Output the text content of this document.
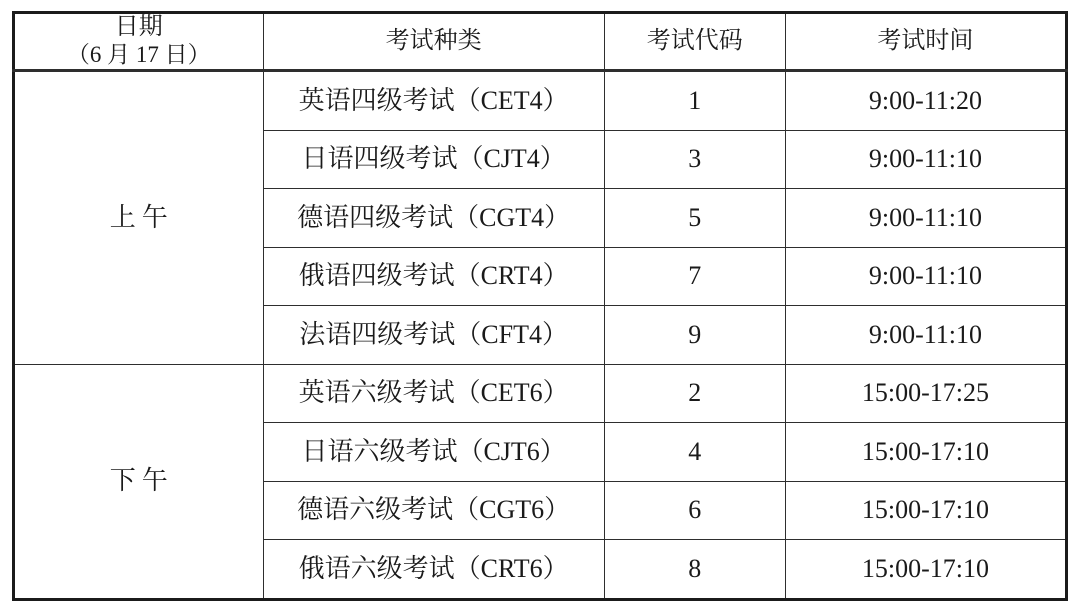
日期
（6 月 17 日）	考试种类	考试代码	考试时间
上午	英语四级考试（CET4）	1	9:00-11:20
	日语四级考试（CJT4）	3	9:00-11:10
	德语四级考试（CGT4）	5	9:00-11:10
	俄语四级考试（CRT4）	7	9:00-11:10
	法语四级考试（CFT4）	9	9:00-11:10
下午	英语六级考试（CET6）	2	15:00-17:25
	日语六级考试（CJT6）	4	15:00-17:10
	德语六级考试（CGT6）	6	15:00-17:10
	俄语六级考试（CRT6）	8	15:00-17:10
